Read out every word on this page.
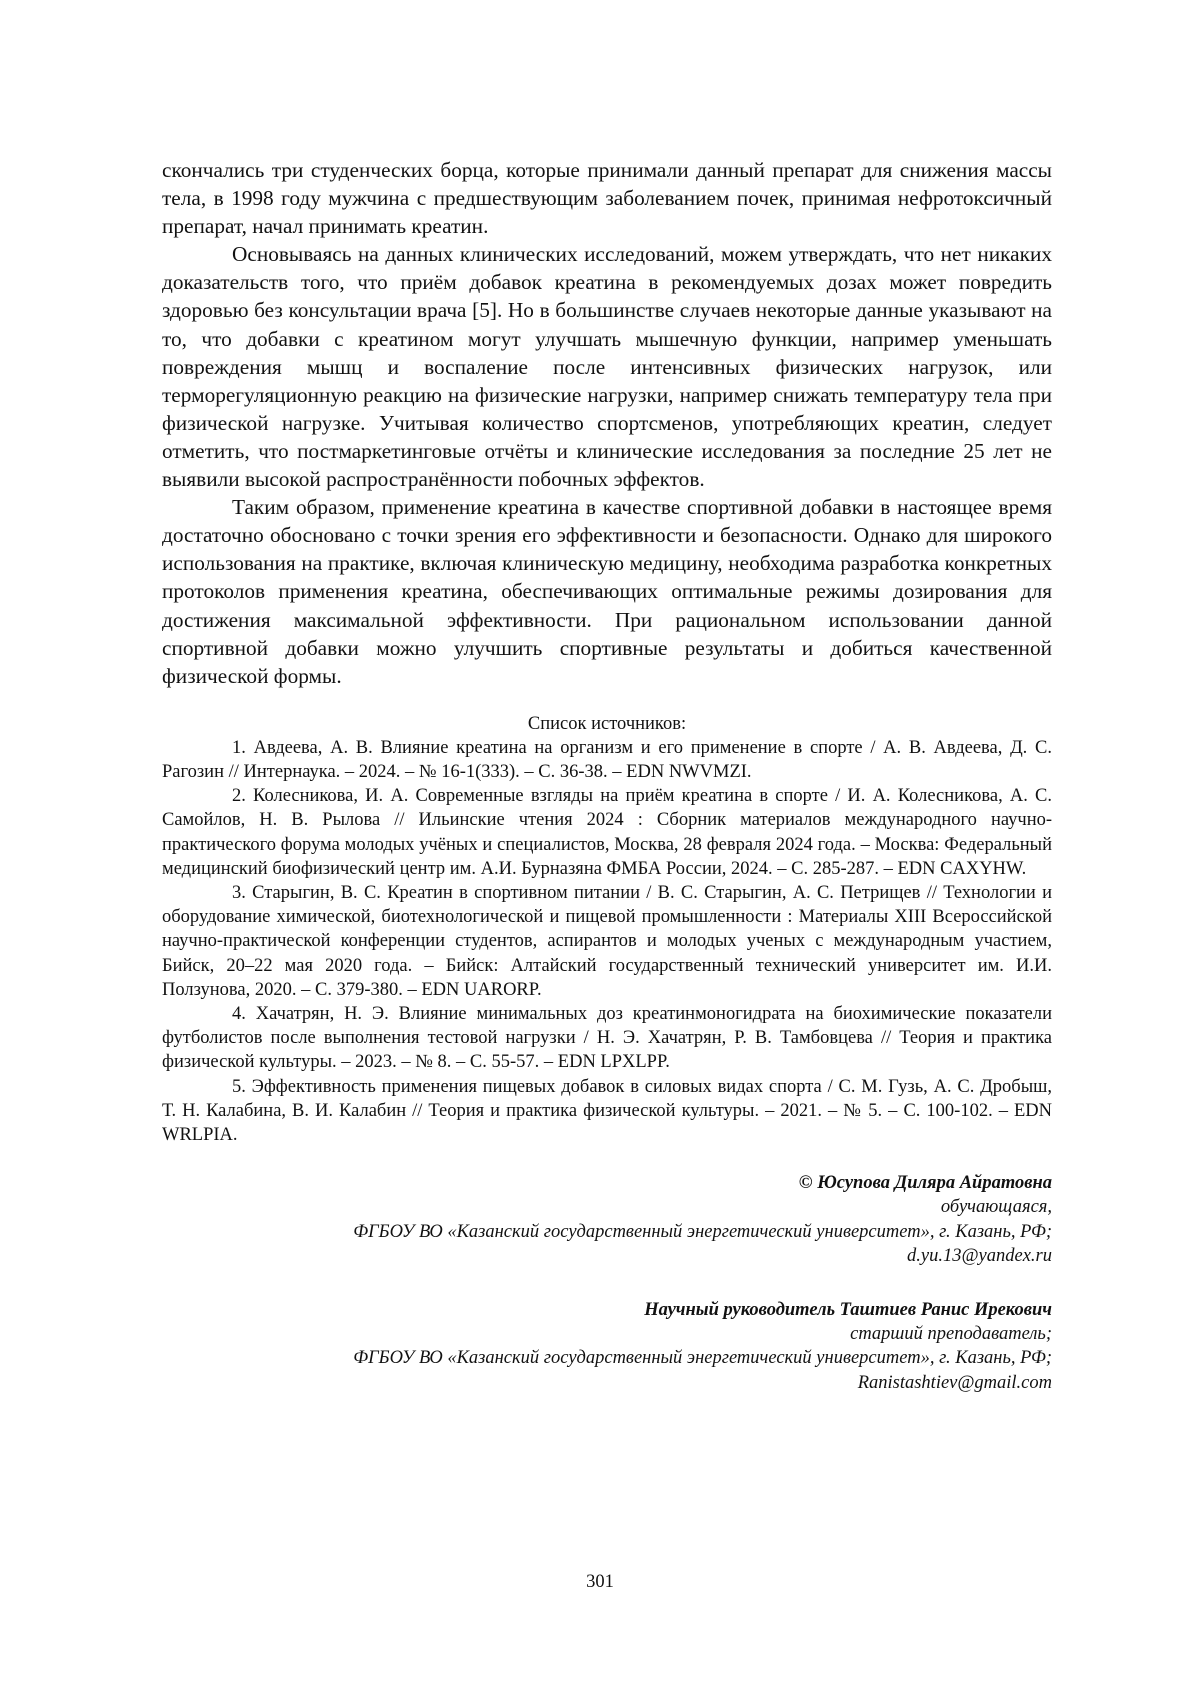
скончались три студенческих борца, которые принимали данный препарат для снижения массы тела, в 1998 году мужчина с предшествующим заболеванием почек, принимая нефротоксичный препарат, начал принимать креатин.

Основываясь на данных клинических исследований, можем утверждать, что нет никаких доказательств того, что приём добавок креатина в рекомендуемых дозах может повредить здоровью без консультации врача [5]. Но в большинстве случаев некоторые данные указывают на то, что добавки с креатином могут улучшать мышечную функции, например уменьшать повреждения мышц и воспаление после интенсивных физических нагрузок, или терморегуляционную реакцию на физические нагрузки, например снижать температуру тела при физической нагрузке. Учитывая количество спортсменов, употребляющих креатин, следует отметить, что постмаркетинговые отчёты и клинические исследования за последние 25 лет не выявили высокой распространённости побочных эффектов.

Таким образом, применение креатина в качестве спортивной добавки в настоящее время достаточно обосновано с точки зрения его эффективности и безопасности. Однако для широкого использования на практике, включая клиническую медицину, необходима разработка конкретных протоколов применения креатина, обеспечивающих оптимальные режимы дозирования для достижения максимальной эффективности. При рациональном использовании данной спортивной добавки можно улучшить спортивные результаты и добиться качественной физической формы.

Список источников:

1. Авдеева, А. В. Влияние креатина на организм и его применение в спорте / А. В. Авдеева, Д. С. Рагозин // Интернаука. – 2024. – № 16-1(333). – С. 36-38. – EDN NWVMZI.

2. Колесникова, И. А. Современные взгляды на приём креатина в спорте / И. А. Колесникова, А. С. Самойлов, Н. В. Рылова // Ильинские чтения 2024 : Сборник материалов международного научно-практического форума молодых учёных и специалистов, Москва, 28 февраля 2024 года. – Москва: Федеральный медицинский биофизический центр им. А.И. Бурназяна ФМБА России, 2024. – С. 285-287. – EDN CAXYHW.

3. Старыгин, В. С. Креатин в спортивном питании / В. С. Старыгин, А. С. Петрищев // Технологии и оборудование химической, биотехнологической и пищевой промышленности : Материалы XIII Всероссийской научно-практической конференции студентов, аспирантов и молодых ученых с международным участием, Бийск, 20–22 мая 2020 года. – Бийск: Алтайский государственный технический университет им. И.И. Ползунова, 2020. – С. 379-380. – EDN UARORP.

4. Хачатрян, Н. Э. Влияние минимальных доз креатинмоногидрата на биохимические показатели футболистов после выполнения тестовой нагрузки / Н. Э. Хачатрян, Р. В. Тамбовцева // Теория и практика физической культуры. – 2023. – № 8. – С. 55-57. – EDN LPXLPP.

5. Эффективность применения пищевых добавок в силовых видах спорта / С. М. Гузь, А. С. Дробыш, Т. Н. Калабина, В. И. Калабин // Теория и практика физической культуры. – 2021. – № 5. – С. 100-102. – EDN WRLPIA.

© Юсупова Диляра Айратовна
обучающаяся,
ФГБОУ ВО «Казанский государственный энергетический университет», г. Казань, РФ;
d.yu.13@yandex.ru
Научный руководитель Таштиев Ранис Ирекович
старший преподаватель;
ФГБОУ ВО «Казанский государственный энергетический университет», г. Казань, РФ;
Ranistashtiev@gmail.com
301
